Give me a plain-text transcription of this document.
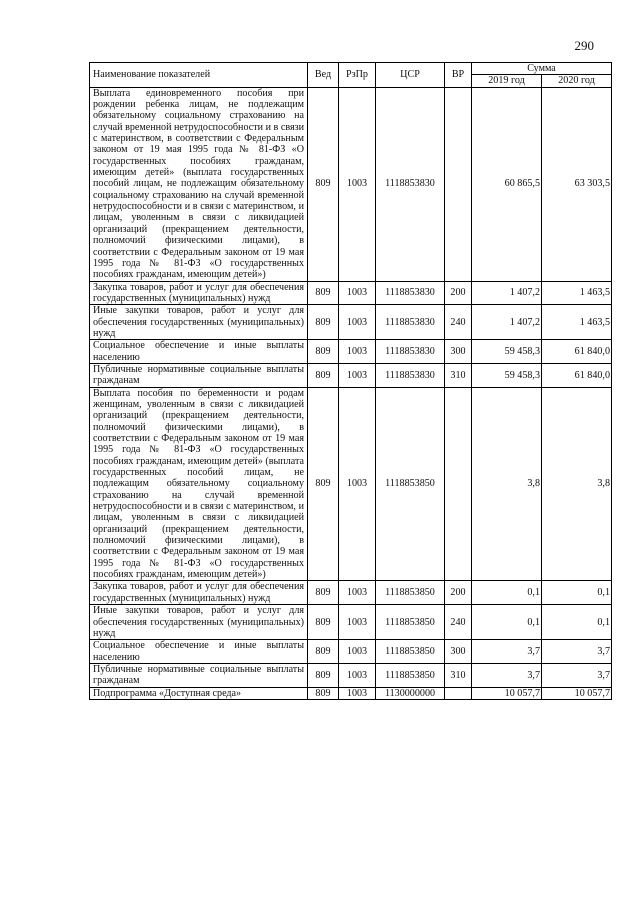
290
Наименование показателей	Вед	РзПр	ЦСР	ВР	Сумма	
					2019 год	2020 год
Выплата единовременного пособия при рождении ребенка лицам, не подлежащим обязательному социальному страхованию на случай временной нетрудоспособности и в связи с материнством, в соответствии с Федеральным законом от 19 мая 1995 года № 81-ФЗ «О государственных пособиях гражданам, имеющим детей» (выплата государственных пособий лицам, не подлежащим обязательному социальному страхованию на случай временной нетрудоспособности и в связи с материнством, и лицам, уволенным в связи с ликвидацией организаций (прекращением деятельности, полномочий физическими лицами), в соответствии с Федеральным законом от 19 мая 1995 года № 81-ФЗ «О государственных пособиях гражданам, имеющим детей»)	809	1003	1118853830		60 865,5	63 303,5
Закупка товаров, работ и услуг для обеспечения государственных (муниципальных) нужд	809	1003	1118853830	200	1 407,2	1 463,5
Иные закупки товаров, работ и услуг для обеспечения государственных (муниципальных) нужд	809	1003	1118853830	240	1 407,2	1 463,5
Социальное обеспечение и иные выплаты населению	809	1003	1118853830	300	59 458,3	61 840,0
Публичные нормативные социальные выплаты гражданам	809	1003	1118853830	310	59 458,3	61 840,0
Выплата пособия по беременности и родам женщинам, уволенным в связи с ликвидацией организаций (прекращением деятельности, полномочий физическими лицами), в соответствии с Федеральным законом от 19 мая 1995 года № 81-ФЗ «О государственных пособиях гражданам, имеющим детей» (выплата государственных пособий лицам, не подлежащим обязательному социальному страхованию на случай временной нетрудоспособности и в связи с материнством, и лицам, уволенным в связи с ликвидацией организаций (прекращением деятельности, полномочий физическими лицами), в соответствии с Федеральным законом от 19 мая 1995 года № 81-ФЗ «О государственных пособиях гражданам, имеющим детей»)	809	1003	1118853850		3,8	3,8
Закупка товаров, работ и услуг для обеспечения государственных (муниципальных) нужд	809	1003	1118853850	200	0,1	0,1
Иные закупки товаров, работ и услуг для обеспечения государственных (муниципальных) нужд	809	1003	1118853850	240	0,1	0,1
Социальное обеспечение и иные выплаты населению	809	1003	1118853850	300	3,7	3,7
Публичные нормативные социальные выплаты гражданам	809	1003	1118853850	310	3,7	3,7
Подпрограмма «Доступная среда»	809	1003	1130000000		10 057,7	10 057,7
